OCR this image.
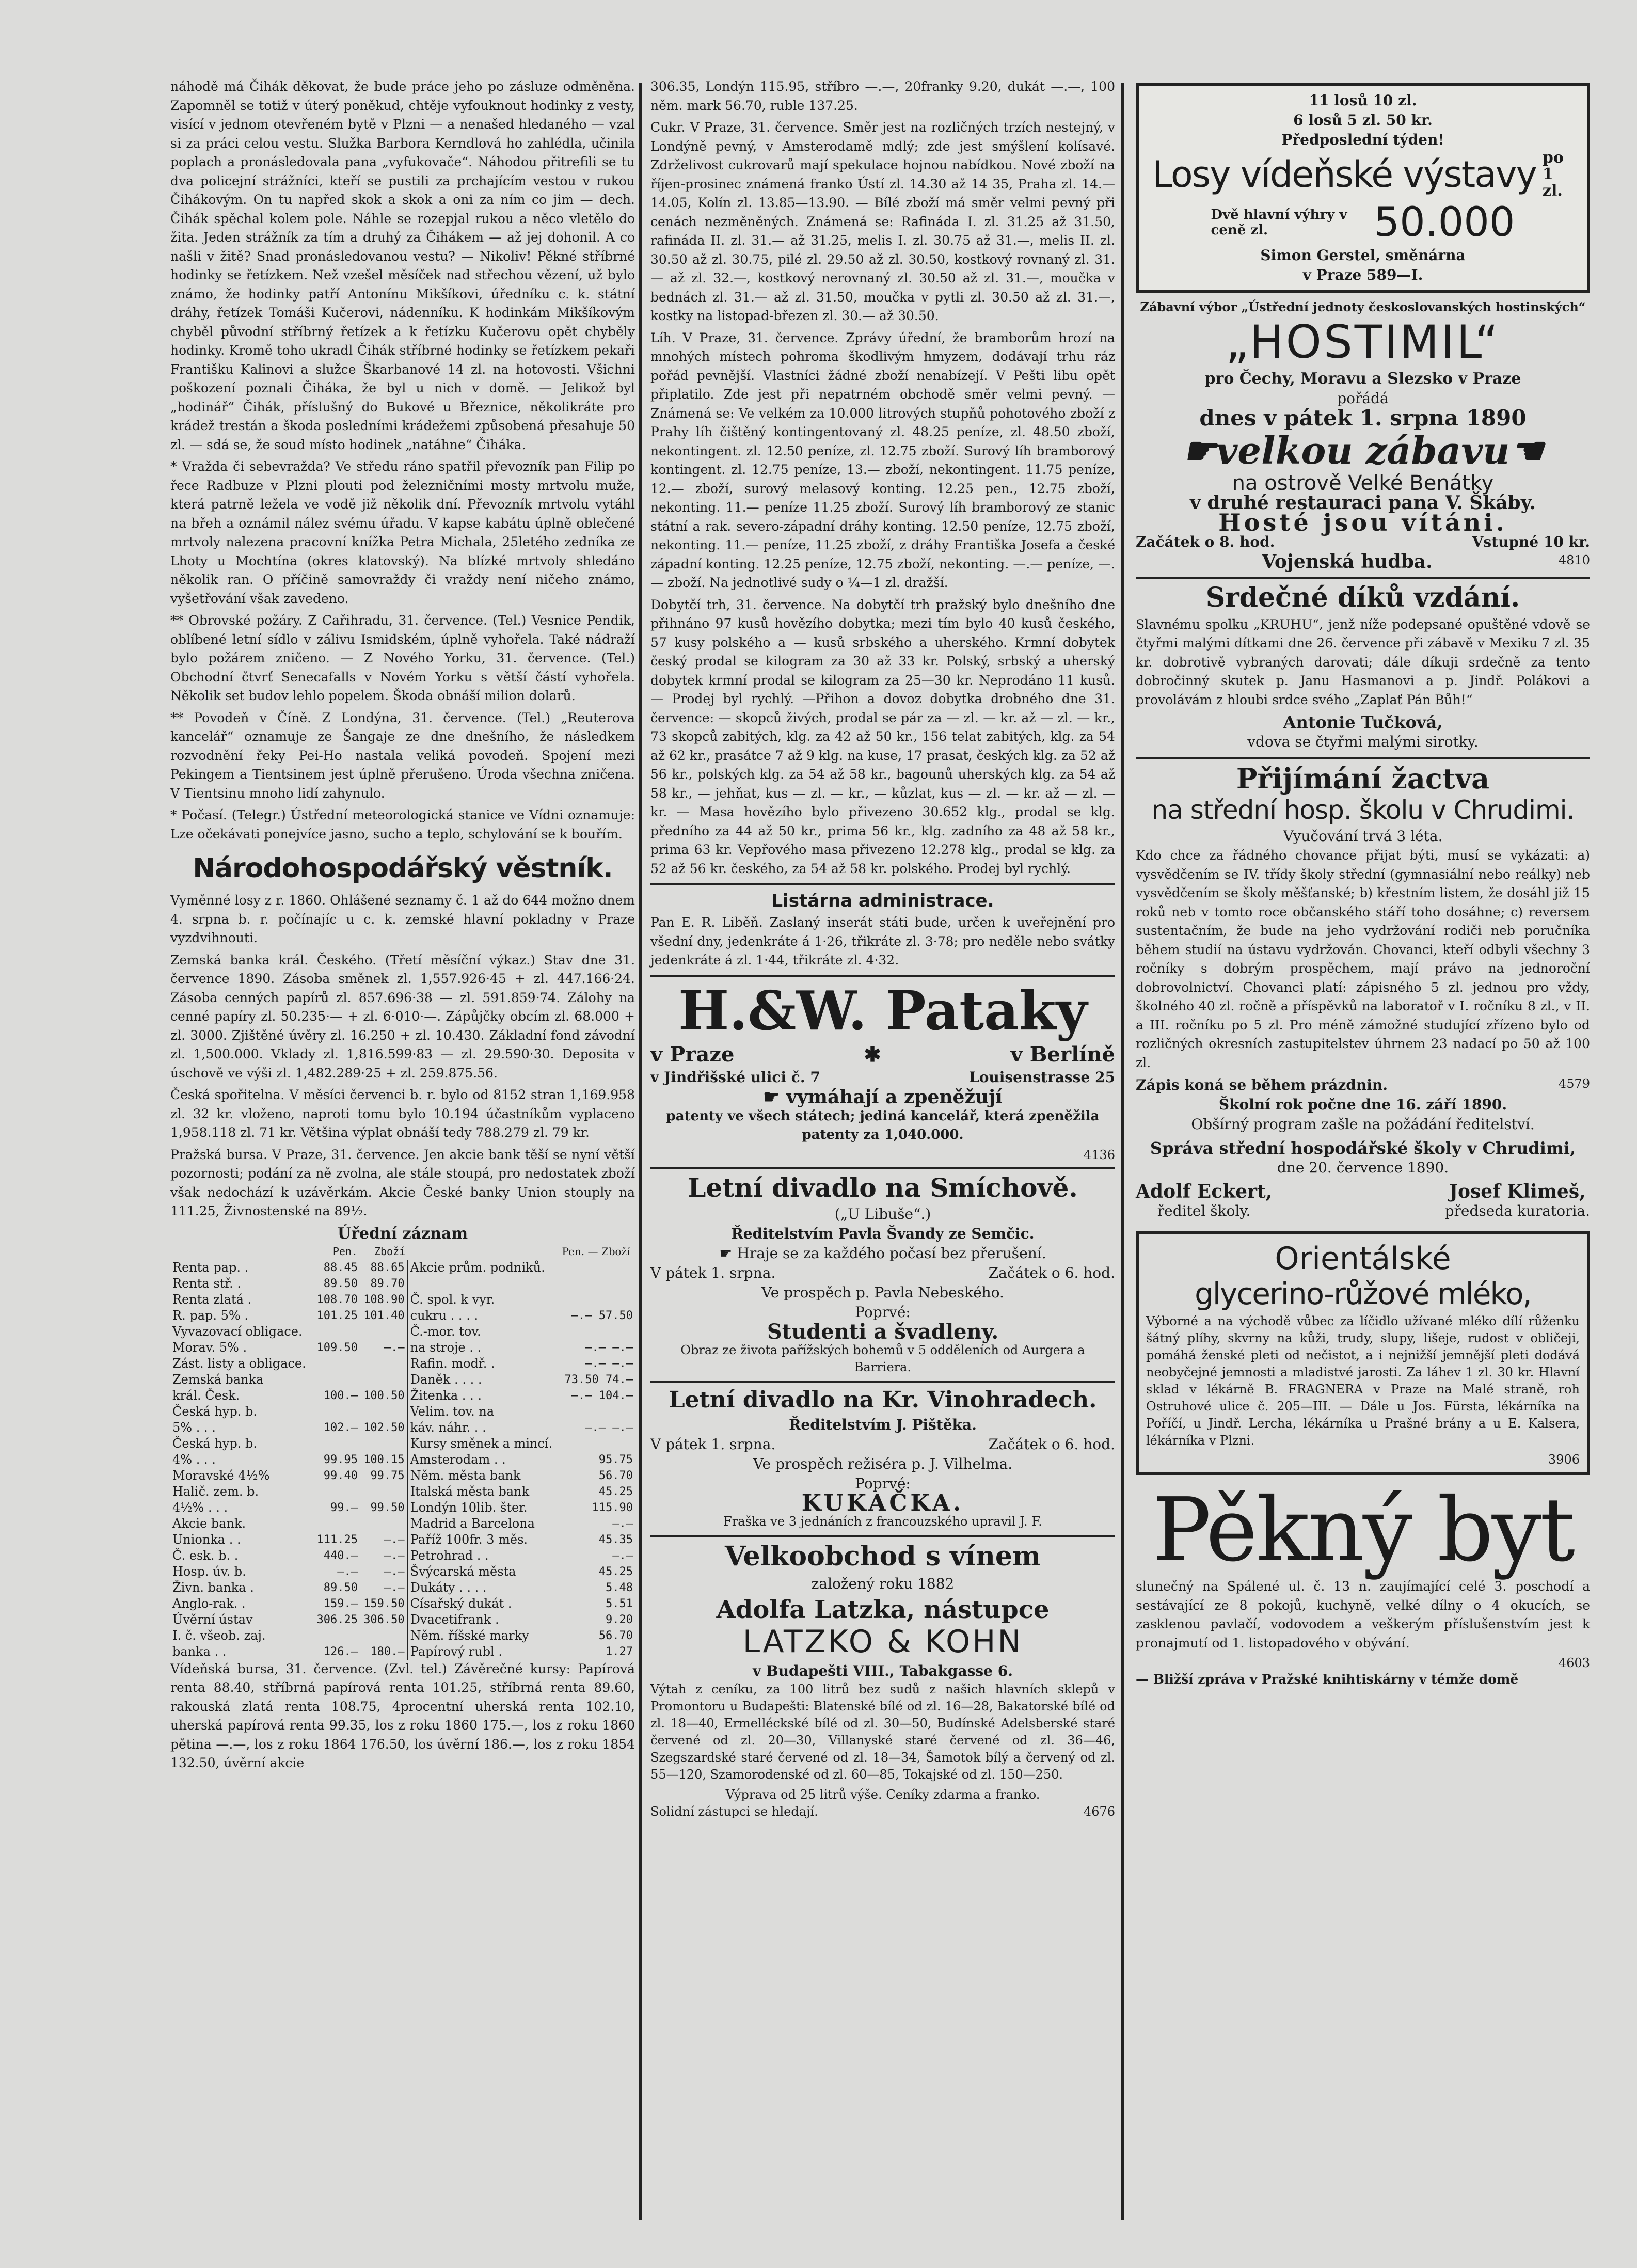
náhodě má Čihák děkovat, že bude práce jeho po zásluze odměněna. Zapomněl se totiž v úterý poněkud, chtěje vyfouknout hodinky z vesty, visící v jednom otevřeném bytě v Plzni — a nenašed hledaného — vzal si za práci celou vestu. Služka Barbora Kerndlová ho zahlédla, učinila poplach a pronásledovala pana „vyfukovače“. Náhodou přitrefili se tu dva policejní strážníci, kteří se pustili za prchajícím vestou v rukou Čihákovým. On tu napřed skok a skok a oni za ním co jim — dech. Čihák spěchal kolem pole. Náhle se rozepjal rukou a něco vletělo do žita. Jeden strážník za tím a druhý za Čihákem — až jej dohonil. A co našli v žitě? Snad pronásledovanou vestu? — Nikoliv! Pěkné stříbrné hodinky se řetízkem. Než vzešel měsíček nad střechou vězení, už bylo známo, že hodinky patří Antonínu Mikšíkovi, úředníku c. k. státní dráhy, řetízek Tomáši Kučerovi, nádenníku. K hodinkám Mikšíkovým chyběl původní stříbrný řetízek a k řetízku Kučerovu opět chyběly hodinky. Kromě toho ukradl Čihák stříbrné hodinky se řetízkem pekaři Františku Kalinovi a služce Škarbanové 14 zl. na hotovosti. Všichni poškození poznali Čiháka, že byl u nich v domě. — Jelikož byl „hodinář“ Čihák, příslušný do Bukové u Březnice, několikráte pro krádež trestán a škoda posledními krádežemi způsobená přesahuje 50 zl. — sdá se, že soud místo hodinek „natáhne“ Čiháka.

* Vražda či sebevražda? Ve středu ráno spatřil převozník pan Filip po řece Radbuze v Plzni plouti pod železničními mosty mrtvolu muže, která patrně ležela ve vodě již několik dní. Převozník mrtvolu vytáhl na břeh a oznámil nález svému úřadu. V kapse kabátu úplně oblečené mrtvoly nalezena pracovní knížka Petra Michala, 25letého zedníka ze Lhoty u Mochtína (okres klatovský). Na blízké mrtvoly shledáno několik ran. O příčině samovraždy či vraždy není ničeho známo, vyšetřování však zavedeno.

** Obrovské požáry. Z Cařihradu, 31. července. (Tel.) Vesnice Pendik, oblíbené letní sídlo v zálivu Ismidském, úplně vyhořela. Také nádraží bylo požárem zničeno. — Z Nového Yorku, 31. července. (Tel.) Obchodní čtvrť Senecafalls v Novém Yorku s větší částí vyhořela. Několik set budov lehlo popelem. Škoda obnáší milion dolarů.

** Povodeň v Číně. Z Londýna, 31. července. (Tel.) „Reuterova kancelář“ oznamuje ze Šangaje ze dne dnešního, že následkem rozvodnění řeky Pei-Ho nastala veliká povodeň. Spojení mezi Pekingem a Tientsinem jest úplně přerušeno. Úroda všechna zničena. V Tientsinu mnoho lidí zahynulo.

* Počasí. (Telegr.) Ústřední meteorologická stanice ve Vídni oznamuje: Lze očekávati ponejvíce jasno, sucho a teplo, schylování se k bouřím.

Národohospodářský věstník.

Vyměnné losy z r. 1860. Ohlášené seznamy č. 1 až do 644 možno dnem 4. srpna b. r. počínajíc u c. k. zemské hlavní pokladny v Praze vyzdvihnouti.

Zemská banka král. Českého. (Třetí měsíční výkaz.) Stav dne 31. července 1890. Zásoba směnek zl. 1,557.926·45 + zl. 447.166·24. Zásoba cenných papírů zl. 857.696·38 — zl. 591.859·74. Zálohy na cenné papíry zl. 50.235·— + zl. 6·010·—. Zápůjčky obcím zl. 68.000 + zl. 3000. Zjištěné úvěry zl. 16.250 + zl. 10.430. Základní fond závodní zl. 1,500.000. Vklady zl. 1,816.599·83 — zl. 29.590·30. Deposita v úschově ve výši zl. 1,482.289·25 + zl. 259.875.56.

Česká spořitelna. V měsíci červenci b. r. bylo od 8152 stran 1,169.958 zl. 32 kr. vloženo, naproti tomu bylo 10.194 účastníkům vyplaceno 1,958.118 zl. 71 kr. Většina výplat obnáší tedy 788.279 zl. 79 kr.

Pražská bursa. V Praze, 31. července. Jen akcie bank těší se nyní větší pozornosti; podání za ně zvolna, ale stále stoupá, pro nedostatek zboží však nedochází k uzávěrkám. Akcie České banky Union stouply na 111.25, Živnostenské na 89½.

Úřední záznam
	Pen.	Zboží		Pen. — Zboží
Renta pap. .	88.45	88.65	Akcie prům. podniků.	
Renta stř. .	89.50	89.70		
Renta zlatá .	108.70	108.90	Č. spol. k vyr.	
R. pap. 5% .	101.25	101.40	cukru . . . .	—.— 57.50
Vyvazovací obligace.			Č.-mor. tov.	
Morav. 5% .	109.50	—.—	na stroje . .	—.— —.—
Zást. listy a obligace.			Rafin. modř. .	—.— —.—
Zemská banka			Daněk . . . .	73.50 74.—
král. Česk.	100.—	100.50	Žitenka . . .	—.— 104.—
Česká hyp. b.			Velim. tov. na	
5% . . .	102.—	102.50	káv. náhr. . .	—.— —.—
Česká hyp. b.			Kursy směnek a mincí.	
4% . . .	99.95	100.15	Amsterodam . .	95.75
Moravské 4½%	99.40	99.75	Něm. města bank	56.70
Halič. zem. b.			Italská města bank	45.25
4½% . . .	99.—	99.50	Londýn 10lib. šter.	115.90
Akcie bank.			Madrid a Barcelona	—.—
Unionka . .	111.25	—.—	Paříž 100fr. 3 měs.	45.35
Č. esk. b. .	440.—	—.—	Petrohrad . .	—.—
Hosp. úv. b.	—.—	—.—	Švýcarská města	45.25
Živn. banka .	89.50	—.—	Dukáty . . . .	5.48
Anglo-rak. .	159.—	159.50	Císařský dukát .	5.51
Úvěrní ústav	306.25	306.50	Dvacetifrank .	9.20
I. č. všeob. zaj.			Něm. říšské marky	56.70
banka . .	126.—	180.—	Papírový rubl .	1.27

Vídeňská bursa, 31. července. (Zvl. tel.) Závěrečné kursy: Papírová renta 88.40, stříbrná papírová renta 101.25, stříbrná renta 89.60, rakouská zlatá renta 108.75, 4procentní uherská renta 102.10, uherská papírová renta 99.35, los z roku 1860 175.—, los z roku 1860 pětina —.—, los z roku 1864 176.50, los úvěrní 186.—, los z roku 1854 132.50, úvěrní akcie

306.35, Londýn 115.95, stříbro —.—, 20franky 9.20, dukát —.—, 100 něm. mark 56.70, ruble 137.25.

Cukr. V Praze, 31. července. Směr jest na rozličných trzích nestejný, v Londýně pevný, v Amsterodamě mdlý; zde jest smýšlení kolísavé. Zdrželivost cukrovarů mají spekulace hojnou nabídkou. Nové zboží na říjen-prosinec známená franko Ústí zl. 14.30 až 14 35, Praha zl. 14.—14.05, Kolín zl. 13.85—13.90. — Bílé zboží má směr velmi pevný při cenách nezměněných. Známená se: Rafináda I. zl. 31.25 až 31.50, rafináda II. zl. 31.— až 31.25, melis I. zl. 30.75 až 31.—, melis II. zl. 30.50 až zl. 30.75, pilé zl. 29.50 až zl. 30.50, kostkový rovnaný zl. 31.— až zl. 32.—, kostkový nerovnaný zl. 30.50 až zl. 31.—, moučka v bednách zl. 31.— až zl. 31.50, moučka v pytli zl. 30.50 až zl. 31.—, kostky na listopad-březen zl. 30.— až 30.50.

Líh. V Praze, 31. července. Zprávy úřední, že bramborům hrozí na mnohých místech pohroma škodlivým hmyzem, dodávají trhu ráz pořád pevnější. Vlastníci žádné zboží nenabízejí. V Pešti libu opět připlatilo. Zde jest při nepatrném obchodě směr velmi pevný. — Známená se: Ve velkém za 10.000 litrových stupňů pohotového zboží z Prahy líh čištěný kontingentovaný zl. 48.25 peníze, zl. 48.50 zboží, nekontingent. zl. 12.50 peníze, zl. 12.75 zboží. Surový líh bramborový kontingent. zl. 12.75 peníze, 13.— zboží, nekontingent. 11.75 peníze, 12.— zboží, surový melasový konting. 12.25 pen., 12.75 zboží, nekonting. 11.— peníze 11.25 zboží. Surový líh bramborový ze stanic státní a rak. severo-západní dráhy konting. 12.50 peníze, 12.75 zboží, nekonting. 11.— peníze, 11.25 zboží, z dráhy Františka Josefa a české západní konting. 12.25 peníze, 12.75 zboží, nekonting. —.— peníze, —.— zboží. Na jednotlivé sudy o ¼—1 zl. dražší.

Dobytčí trh, 31. července. Na dobytčí trh pražský bylo dnešního dne přihnáno 97 kusů hovězího dobytka; mezi tím bylo 40 kusů českého, 57 kusy polského a — kusů srbského a uherského. Krmní dobytek český prodal se kilogram za 30 až 33 kr. Polský, srbský a uherský dobytek krmní prodal se kilogram za 25—30 kr. Neprodáno 11 kusů. — Prodej byl rychlý. —Přihon a dovoz dobytka drobného dne 31. července: — skopců živých, prodal se pár za — zl. — kr. až — zl. — kr., 73 skopců zabitých, klg. za 42 až 50 kr., 156 telat zabitých, klg. za 54 až 62 kr., prasátce 7 až 9 klg. na kuse, 17 prasat, českých klg. za 52 až 56 kr., polských klg. za 54 až 58 kr., bagounů uherských klg. za 54 až 58 kr., — jehňat, kus — zl. — kr., — kůzlat, kus — zl. — kr. až — zl. — kr. — Masa hovězího bylo přivezeno 30.652 klg., prodal se klg. předního za 44 až 50 kr., prima 56 kr., klg. zadního za 48 až 58 kr., prima 63 kr. Vepřového masa přivezeno 12.278 klg., prodal se klg. za 52 až 56 kr. českého, za 54 až 58 kr. polského. Prodej byl rychlý.

Listárna administrace.

Pan E. R. Liběň. Zaslaný inserát státi bude, určen k uveřejnění pro všední dny, jedenkráte á 1·26, třikráte zl. 3·78; pro neděle nebo svátky jedenkráte á zl. 1·44, třikráte zl. 4·32.

H.&W. Pataky
v Praze	✱	v Berlíně
v Jindřišské ulici č. 7	Louisenstrasse 25
☛ vymáhají a zpeněžují

patenty ve všech státech; jediná kancelář, která zpeněžila patenty za 1,040.000.

4136
Letní divadlo na Smíchově.
(„U Libuše“.)
Ředitelstvím Pavla Švandy ze Semčic.
☛ Hraje se za každého počasí bez přerušení.
V pátek 1. srpna.	Začátek o 6. hod.
Ve prospěch p. Pavla Nebeského.
Poprvé:
Studenti a švadleny.
Obraz ze života pařížských bohemů v 5 odděleních od Aurgera a Barriera.
Letní divadlo na Kr. Vinohradech.
Ředitelstvím J. Pištěka.
V pátek 1. srpna.	Začátek o 6. hod.
Ve prospěch režiséra p. J. Vilhelma.
Poprvé:
KUKAČKA.
Fraška ve 3 jednáních z francouzského upravil J. F.
Velkoobchod s vínem
založený roku 1882
Adolfa Latzka, nástupce
LATZKO & KOHN
v Budapešti VIII., Tabakgasse 6.

Výtah z ceníku, za 100 litrů bez sudů z našich hlavních sklepů v Promontoru u Budapešti: Blatenské bílé od zl. 16—28, Bakatorské bílé od zl. 18—40, Ermelléckské bílé od zl. 30—50, Budínské Adelsberské staré červené od zl. 20—30, Villanyské staré červené od zl. 36—46, Szegszardské staré červené od zl. 18—34, Šamotok bílý a červený od zl. 55—120, Szamorodenské od zl. 60—85, Tokajské od zl. 150—250.

Výprava od 25 litrů výše. Ceníky zdarma a franko.
Solidní zástupci se hledají.	4676
11 losů 10 zl.
6 losů 5 zl. 50 kr.
Předposlední týden!
Losy vídeňské výstavy po 1 zl.
Dvě hlavní výhry v ceně zl.	50.000
Simon Gerstel, směnárna
v Praze 589—I.
Zábavní výbor „Ústřední jednoty českoslovanských hostinských“
„HOSTIMIL“
pro Čechy, Moravu a Slezsko v Praze
pořádá
dnes v pátek 1. srpna 1890
☛velkou zábavu☚
na ostrově Velké Benátky
v druhé restauraci pana V. Škáby.
Hosté jsou vítáni.
Začátek o 8. hod.	Vstupné 10 kr.
Vojenská hudba.	4810
Srdečné díků vzdání.

Slavnému spolku „KRUHU“, jenž níže podepsané opuštěné vdově se čtyřmi malými dítkami dne 26. července při zábavě v Mexiku 7 zl. 35 kr. dobrotivě vybraných darovati; dále díkuji srdečně za tento dobročinný skutek p. Janu Hasmanovi a p. Jindř. Polákovi a provolávám z hloubi srdce svého „Zaplať Pán Bůh!“

Antonie Tučková,
vdova se čtyřmi malými sirotky.
Přijímání žactva
na střední hosp. školu v Chrudimi.
Vyučování trvá 3 léta.

Kdo chce za řádného chovance přijat býti, musí se vykázati: a) vysvědčením se IV. třídy školy střední (gymnasiální nebo reálky) neb vysvědčením se školy měšťanské; b) křestním listem, že dosáhl již 15 roků neb v tomto roce občanského stáří toho dosáhne; c) reversem sustentačním, že bude na jeho vydržování rodiči neb poručníka během studií na ústavu vydržován. Chovanci, kteří odbyli všechny 3 ročníky s dobrým prospěchem, mají právo na jednoroční dobrovolnictví. Chovanci platí: zápisného 5 zl. jednou pro vždy, školného 40 zl. ročně a příspěvků na laboratoř v I. ročníku 8 zl., v II. a III. ročníku po 5 zl. Pro méně zámožné studující zřízeno bylo od rozličných okresních zastupitelstev úhrnem 23 nadací po 50 až 100 zl.

Zápis koná se během prázdnin.	4579
Školní rok počne dne 16. září 1890.
Obšírný program zašle na požádání ředitelství.
Správa střední hospodářské školy v Chrudimi,
dne 20. července 1890.
Adolf Eckert,
ředitel školy.
Josef Klimeš,
předseda kuratoria.
Orientálské
glycerino-růžové mléko,

Výborné a na východě vůbec za líčidlo užívané mléko dílí růženku šátný plíhy, skvrny na kůži, trudy, slupy, lišeje, rudost v obličeji, pomáhá ženské pleti od nečistot, a i nejnižší jemnější pleti dodává neobyčejné jemnosti a mladistvé jarosti. Za láhev 1 zl. 30 kr. Hlavní sklad v lékárně B. FRAGNERA v Praze na Malé straně, roh Ostruhové ulice č. 205—III. — Dále u Jos. Fürsta, lékárníka na Poříčí, u Jindř. Lercha, lékárníka u Prašné brány a u E. Kalsera, lékárníka v Plzni.

3906
Pěkný byt

slunečný na Spálené ul. č. 13 n. zaujímající celé 3. poschodí a sestávající ze 8 pokojů, kuchyně, velké dílny o 4 okucích, se zasklenou pavlačí, vodovodem a veškerým příslušenstvím jest k pronajmutí od 1. listopadového v obývání.

4603

— Bližší zpráva v Pražské knihtiskárny v témže domě
